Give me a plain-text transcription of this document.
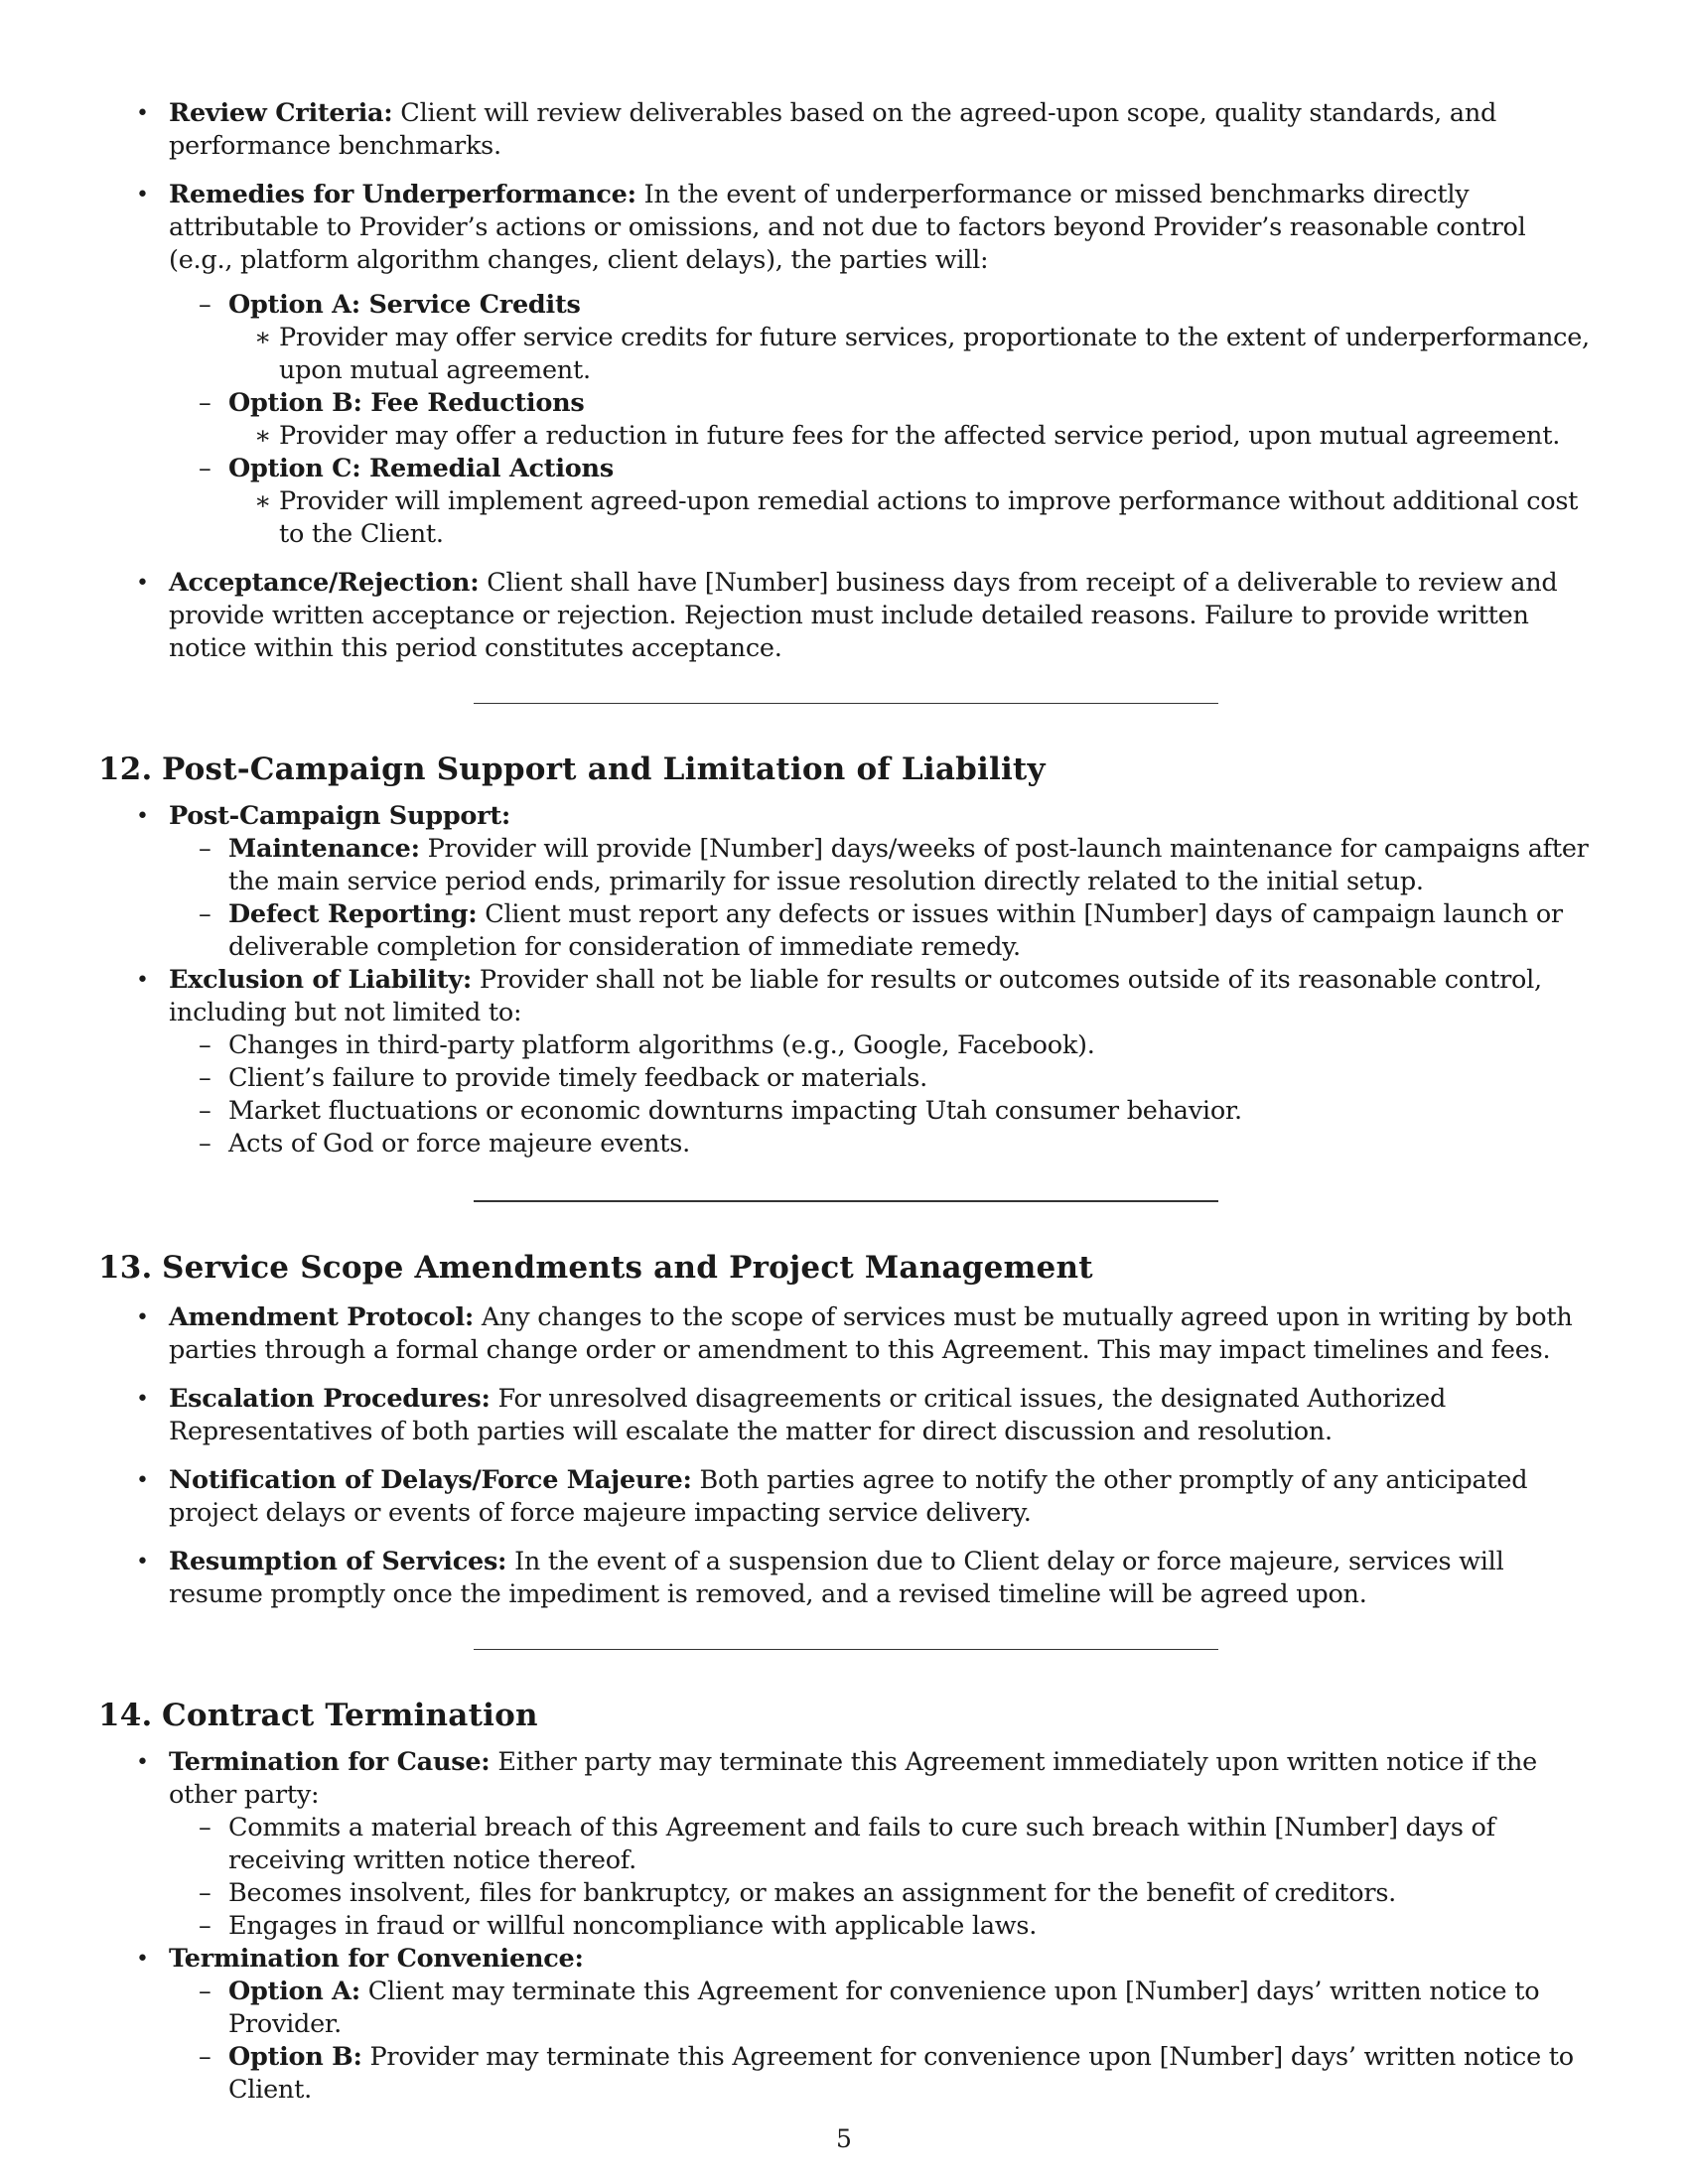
• Review Criteria: Client will review deliverables based on the agreed-upon scope, quality standards, and performance benchmarks.
• Remedies for Underperformance: In the event of underperformance or missed benchmarks directly attributable to Provider’s actions or omissions, and not due to factors beyond Provider’s reasonable control (e.g., platform algorithm changes, client delays), the parties will:
– Option A: Service Credits
∗ Provider may offer service credits for future services, proportionate to the extent of underperformance, upon mutual agreement.
– Option B: Fee Reductions
∗ Provider may offer a reduction in future fees for the affected service period, upon mutual agreement.
– Option C: Remedial Actions
∗ Provider will implement agreed-upon remedial actions to improve performance without additional cost to the Client.
• Acceptance/Rejection: Client shall have [Number] business days from receipt of a deliverable to review and provide written acceptance or rejection. Rejection must include detailed reasons. Failure to provide written notice within this period constitutes acceptance.
12. Post-Campaign Support and Limitation of Liability
• Post-Campaign Support:
– Maintenance: Provider will provide [Number] days/weeks of post-launch maintenance for campaigns after the main service period ends, primarily for issue resolution directly related to the initial setup.
– Defect Reporting: Client must report any defects or issues within [Number] days of campaign launch or deliverable completion for consideration of immediate remedy.
• Exclusion of Liability: Provider shall not be liable for results or outcomes outside of its reasonable control, including but not limited to:
– Changes in third-party platform algorithms (e.g., Google, Facebook).
– Client’s failure to provide timely feedback or materials.
– Market fluctuations or economic downturns impacting Utah consumer behavior.
– Acts of God or force majeure events.
13. Service Scope Amendments and Project Management
• Amendment Protocol: Any changes to the scope of services must be mutually agreed upon in writing by both parties through a formal change order or amendment to this Agreement. This may impact timelines and fees.
• Escalation Procedures: For unresolved disagreements or critical issues, the designated Authorized Representatives of both parties will escalate the matter for direct discussion and resolution.
• Notification of Delays/Force Majeure: Both parties agree to notify the other promptly of any anticipated project delays or events of force majeure impacting service delivery.
• Resumption of Services: In the event of a suspension due to Client delay or force majeure, services will resume promptly once the impediment is removed, and a revised timeline will be agreed upon.
14. Contract Termination
• Termination for Cause: Either party may terminate this Agreement immediately upon written notice if the other party:
– Commits a material breach of this Agreement and fails to cure such breach within [Number] days of receiving written notice thereof.
– Becomes insolvent, files for bankruptcy, or makes an assignment for the benefit of creditors.
– Engages in fraud or willful noncompliance with applicable laws.
• Termination for Convenience:
– Option A: Client may terminate this Agreement for convenience upon [Number] days’ written notice to Provider.
– Option B: Provider may terminate this Agreement for convenience upon [Number] days’ written notice to Client.
5
